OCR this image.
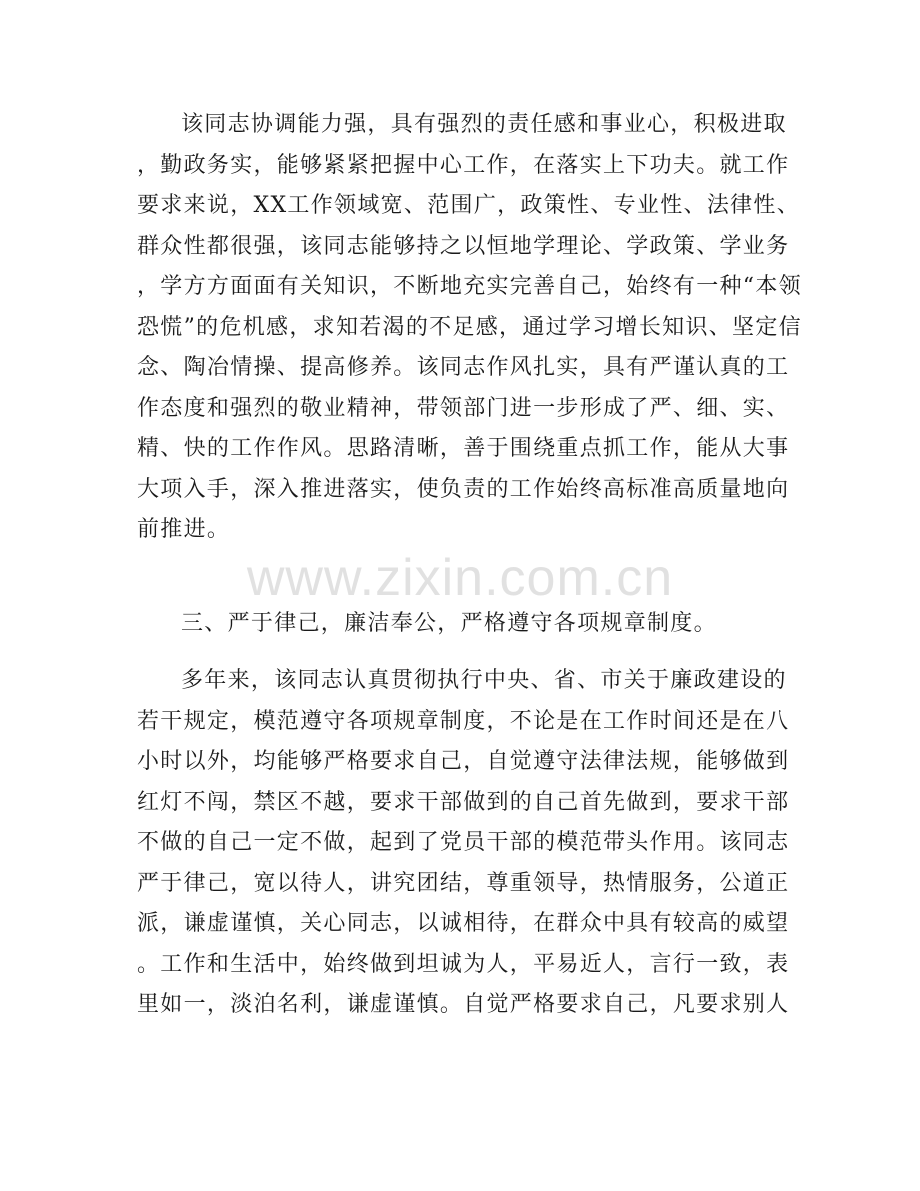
该同志协调能力强，具有强烈的责任感和事业心，积极进取
，勤政务实，能够紧紧把握中心工作，在落实上下功夫。就工作
要求来说，XX工作领域宽、范围广，政策性、专业性、法律性、
群众性都很强，该同志能够持之以恒地学理论、学政策、学业务
，学方方面面有关知识，不断地充实完善自己，始终有一种“本领
恐慌”的危机感，求知若渴的不足感，通过学习增长知识、坚定信
念、陶冶情操、提高修养。该同志作风扎实，具有严谨认真的工
作态度和强烈的敬业精神，带领部门进一步形成了严、细、实、
精、快的工作作风。思路清晰，善于围绕重点抓工作，能从大事
大项入手，深入推进落实，使负责的工作始终高标准高质量地向
前推进。
三、严于律己，廉洁奉公，严格遵守各项规章制度。
多年来，该同志认真贯彻执行中央、省、市关于廉政建设的
若干规定，模范遵守各项规章制度，不论是在工作时间还是在八
小时以外，均能够严格要求自己，自觉遵守法律法规，能够做到
红灯不闯，禁区不越，要求干部做到的自己首先做到，要求干部
不做的自己一定不做，起到了党员干部的模范带头作用。该同志
严于律己，宽以待人，讲究团结，尊重领导，热情服务，公道正
派，谦虚谨慎，关心同志，以诚相待，在群众中具有较高的威望
。工作和生活中，始终做到坦诚为人，平易近人，言行一致，表
里如一，淡泊名利，谦虚谨慎。自觉严格要求自己，凡要求别人
www.zixin.com.cn
